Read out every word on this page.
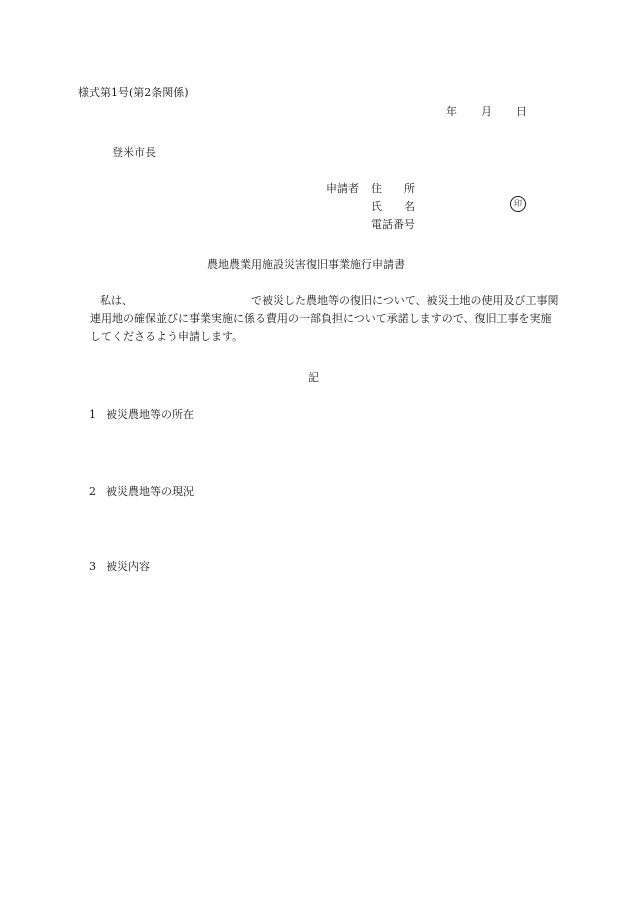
様式第1号(第2条関係)
年 月 日
登米市長
申請者 住 所
氏 名	印
電話番号
農地農業用施設災害復旧事業施行申請書
私は、	で被災した農地等の復旧について、被災土地の使用及び工事関連用地の確保並びに事業実施に係る費用の一部負担について承諾しますので、復旧工事を実施してくださるよう申請します。
記
1 被災農地等の所在
2 被災農地等の現況
3 被災内容
